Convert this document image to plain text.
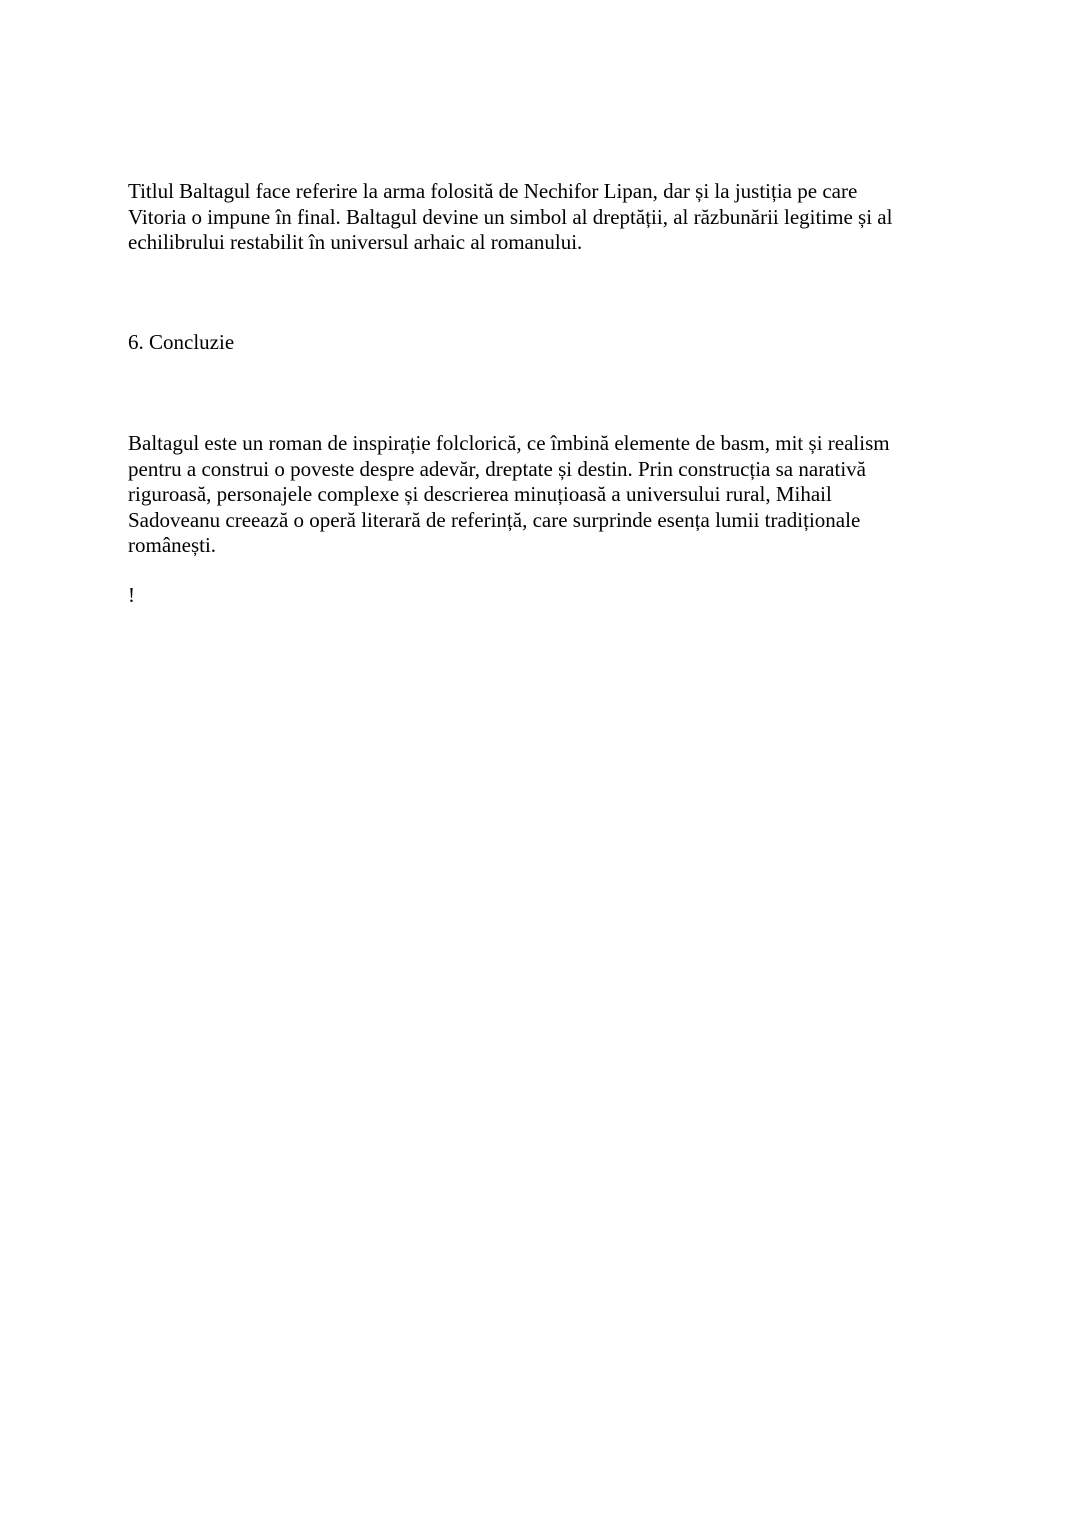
Titlul Baltagul face referire la arma folosită de Nechifor Lipan, dar și la justiția pe care
Vitoria o impune în final. Baltagul devine un simbol al dreptății, al răzbunării legitime și al
echilibrului restabilit în universul arhaic al romanului.

6. Concluzie

Baltagul este un roman de inspirație folclorică, ce îmbină elemente de basm, mit și realism
pentru a construi o poveste despre adevăr, dreptate și destin. Prin construcția sa narativă
riguroasă, personajele complexe și descrierea minuțioasă a universului rural, Mihail
Sadoveanu creează o operă literară de referință, care surprinde esența lumii tradiționale
românești.

!
